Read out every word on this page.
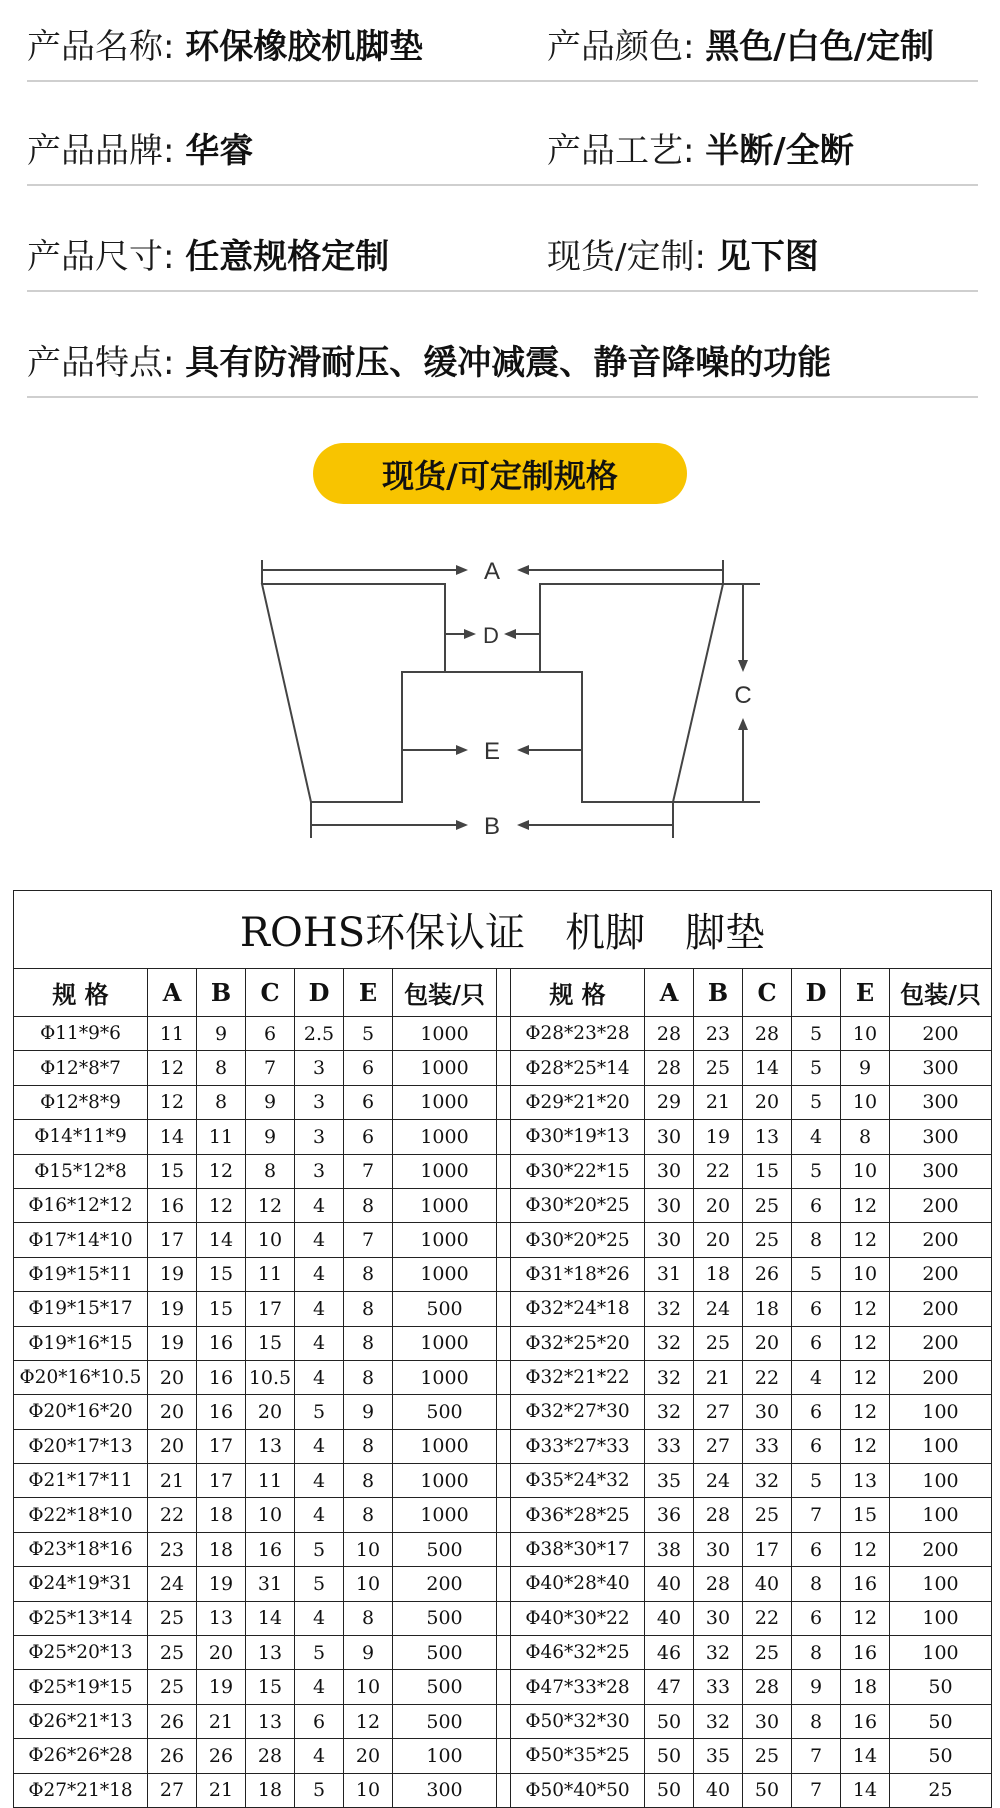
产品名称: 环保橡胶机脚垫	产品颜色: 黑色/白色/定制
产品品牌: 华睿	产品工艺: 半断/全断
产品尺寸: 任意规格定制	现货/定制: 见下图
产品特点: 具有防滑耐压、缓冲减震、静音降噪的功能
现货/可定制规格
A
D
C
E
B
ROHS环保认证　机脚　脚垫														
规 格	A	B	C	D	E	包装/只		规 格	A	B	C	D	E	包装/只
Φ11*9*6	11	9	6	2.5	5	1000		Φ28*23*28	28	23	28	5	10	200
Φ12*8*7	12	8	7	3	6	1000		Φ28*25*14	28	25	14	5	9	300
Φ12*8*9	12	8	9	3	6	1000		Φ29*21*20	29	21	20	5	10	300
Φ14*11*9	14	11	9	3	6	1000		Φ30*19*13	30	19	13	4	8	300
Φ15*12*8	15	12	8	3	7	1000		Φ30*22*15	30	22	15	5	10	300
Φ16*12*12	16	12	12	4	8	1000		Φ30*20*25	30	20	25	6	12	200
Φ17*14*10	17	14	10	4	7	1000		Φ30*20*25	30	20	25	8	12	200
Φ19*15*11	19	15	11	4	8	1000		Φ31*18*26	31	18	26	5	10	200
Φ19*15*17	19	15	17	4	8	500		Φ32*24*18	32	24	18	6	12	200
Φ19*16*15	19	16	15	4	8	1000		Φ32*25*20	32	25	20	6	12	200
Φ20*16*10.5	20	16	10.5	4	8	1000		Φ32*21*22	32	21	22	4	12	200
Φ20*16*20	20	16	20	5	9	500		Φ32*27*30	32	27	30	6	12	100
Φ20*17*13	20	17	13	4	8	1000		Φ33*27*33	33	27	33	6	12	100
Φ21*17*11	21	17	11	4	8	1000		Φ35*24*32	35	24	32	5	13	100
Φ22*18*10	22	18	10	4	8	1000		Φ36*28*25	36	28	25	7	15	100
Φ23*18*16	23	18	16	5	10	500		Φ38*30*17	38	30	17	6	12	200
Φ24*19*31	24	19	31	5	10	200		Φ40*28*40	40	28	40	8	16	100
Φ25*13*14	25	13	14	4	8	500		Φ40*30*22	40	30	22	6	12	100
Φ25*20*13	25	20	13	5	9	500		Φ46*32*25	46	32	25	8	16	100
Φ25*19*15	25	19	15	4	10	500		Φ47*33*28	47	33	28	9	18	50
Φ26*21*13	26	21	13	6	12	500		Φ50*32*30	50	32	30	8	16	50
Φ26*26*28	26	26	28	4	20	100		Φ50*35*25	50	35	25	7	14	50
Φ27*21*18	27	21	18	5	10	300		Φ50*40*50	50	40	50	7	14	25
